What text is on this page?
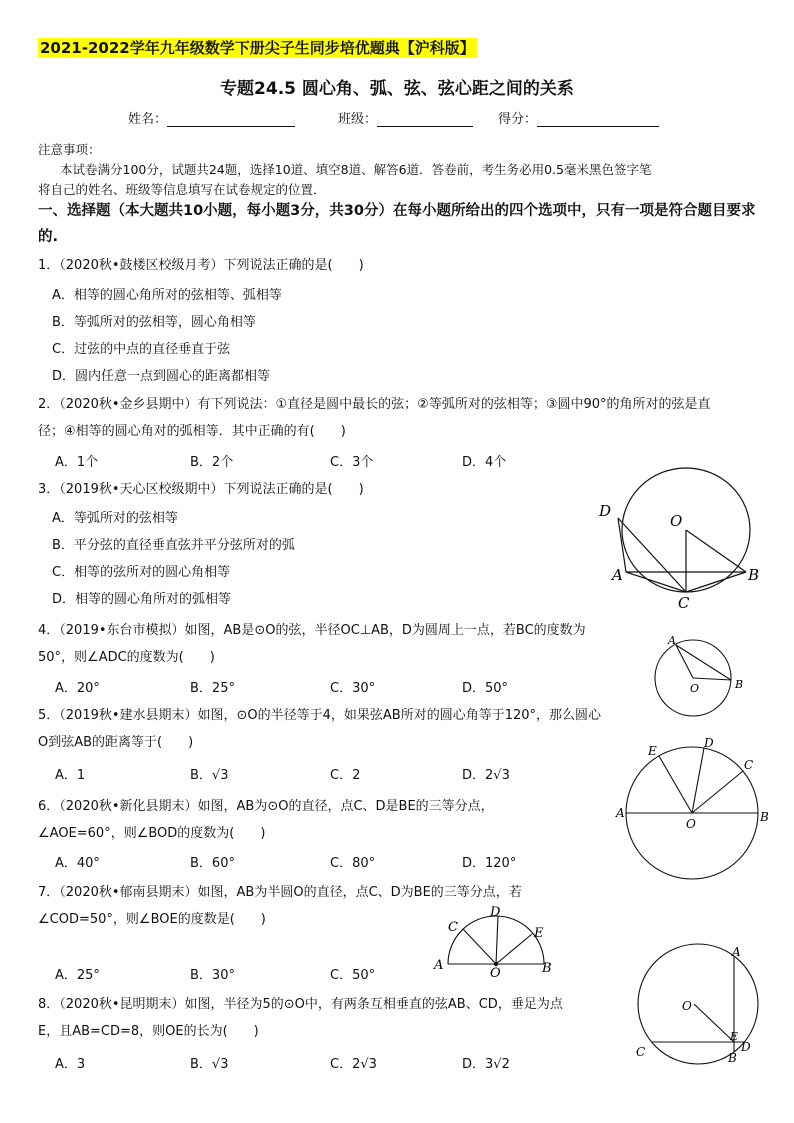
2021-2022学年九年级数学下册尖子生同步培优题典【沪科版】
专题24.5 圆心角、弧、弦、弦心距之间的关系
姓名：	班级：	得分：
注意事项：
本试卷满分100分，试题共24题，选择10道、填空8道、解答6道．答卷前，考生务必用0.5毫米黑色签字笔
将自己的姓名、班级等信息填写在试卷规定的位置．
一、选择题（本大题共10小题，每小题3分，共30分）在每小题所给出的四个选项中，只有一项是符合题目要求
的.
1．（2020秋•鼓楼区校级月考）下列说法正确的是(　　)
A．相等的圆心角所对的弦相等、弧相等
B．等弧所对的弦相等，圆心角相等
C．过弦的中点的直径垂直于弦
D．圆内任意一点到圆心的距离都相等
2．（2020秋•金乡县期中）有下列说法：①直径是圆中最长的弦；②等弧所对的弦相等；③圆中90°的角所对的弦是直
径；④相等的圆心角对的弧相等．其中正确的有(　　)
A．1个	B．2个	C．3个	D．4个
3．（2019秋•天心区校级期中）下列说法正确的是(　　)
A．等弧所对的弦相等
B．平分弦的直径垂直弦并平分弦所对的弧
C．相等的弦所对的圆心角相等
D．相等的圆心角所对的弧相等
4．（2019•东台市模拟）如图，AB是⊙O的弦，半径OC⊥AB，D为圆周上一点，若BC的度数为
50°，则∠ADC的度数为(　　)
A．20°	B．25°	C．30°	D．50°
5．（2019秋•建水县期末）如图，⊙O的半径等于4，如果弦AB所对的圆心角等于120°，那么圆心
O到弦AB的距离等于(　　)
A．1	B．√3	C．2	D．2√3
6．（2020秋•新化县期末）如图，AB为⊙O的直径，点C、D是BE的三等分点，
∠AOE=60°，则∠BOD的度数为(　　)
A．40°	B．60°	C．80°	D．120°
7．（2020秋•郁南县期末）如图，AB为半圆O的直径，点C、D为BE的三等分点，若
∠COD=50°，则∠BOE的度数是(　　)
A．25°	B．30°	C．50°
8．（2020秋•昆明期末）如图，半径为5的⊙O中，有两条互相垂直的弦AB、CD，垂足为点
E，且AB=CD=8，则OE的长为(　　)
A．3	B．√3	C．2√3	D．3√2
D
O
A	B
C
A
O	B
E
D
C
A
O	B
C
D
E
A
O	B
A
O
E
D
C	B
